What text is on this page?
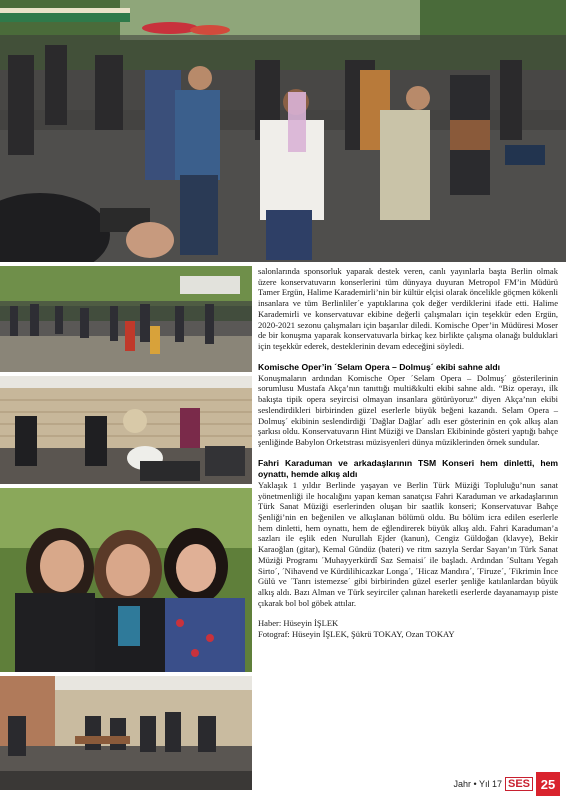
salonlarında sponsorluk yaparak destek veren, canlı yayınlarla başta Berlin olmak üzere konservatuvarın konserlerini tüm dünyaya duyuran Metropol FM’in Müdürü Tamer Ergün, Halime Karademirli’nin bir kültür elçisi olarak öncelikle göçmen kökenli insanlara ve tüm Berlinliler´e yaptıklarına çok değer verdiklerini ifade etti. Halime Karademirli ve konservatuvar ekibine değerli çalışmaları için teşekkür eden Ergün, 2020-2021 sezonu çalışmaları için başarılar diledi. Komische Oper’in Müdüresi Moser de bir konuşma yaparak konservatuvarla birkaç kez birlikte çalışma olanağı bulduklari için teşekkür ederek, desteklerinin devam edeceğini söyledi.

Komische Oper’in ´Selam Opera – Dolmuş´ ekibi sahne aldı

Konuşmaların ardından Komische Oper ´Selam Opera – Dolmuş´ gösterilerinin sorumlusu Mustafa Akça’nın tanıttığı multi&kulti ekibi sahne aldı. “Biz operayı, ilk bakışta tipik opera seyircisi olmayan insanlara götürüyoruz” diyen Akça’nın ekibi seslendirdikleri birbirinden güzel eserlerle büyük beğeni kazandı. Selam Opera – Dolmuş´ ekibinin seslendirdiği ´Dağlar Dağlar´ adlı eser gösterinin en çok alkış alan şarkısı oldu. Konservatuvarın Hint Müziği ve Dansları Ekibininde gösteri yaptığı bahçe şenliğinde Babylon Orketstrası müzisyenleri dünya müziklerinden örnek sundular.

Fahri Karaduman ve arkadaşlarının TSM Konseri hem dinletti, hem oynattı, hemde alkış aldı

Yaklaşık 1 yıldır Berlinde yaşayan ve Berlin Türk Müziği Topluluğu’nun sanat yönetmenliği ile hocalığını yapan keman sanatçısı Fahri Karaduman ve arkadaşlarının Türk Sanat Müziği eserlerinden oluşan bir saatlik konseri; Konservatuvar Bahçe Şenliği’nin en beğenilen ve alkışlanan bölümü oldu. Bu bölüm icra edilen eserlerle hem dinletti, hem oynattı, hem de eğlendirerek büyük alkış aldı. Fahri Karaduman’a sazları ile eşlik eden Nurullah Ejder (kanun), Cengiz Güldoğan (klavye), Bekir Karaoğlan (gitar), Kemal Gündüz (bateri) ve ritm sazıyla Serdar Sayan’ın Türk Sanat Müziği Programı ´Muhayyerkürdî Saz Semaisi´ ile başladı. Ardından ´Sultanı Yegah Sirto´, ´Nihavend ve Kürdilihicazkar Longa´, ´Hicaz Mandıra´, ´Firuze´, ´Fikrimin İnce Gülü ve ´Tanrı istemezse´ gibi birbirinden güzel eserler şenliğe katılanlardan büyük alkış aldı. Bazı Alman ve Türk seyirciler çalınan hareketli eserlerde dayanamayıp piste çıkarak bol bol göbek attılar.

Haber: Hüseyin İŞLEK

Fotograf: Hüseyin İŞLEK, Şükrü TOKAY, Ozan TOKAY

Jahr • Yıl 17 SES 25
